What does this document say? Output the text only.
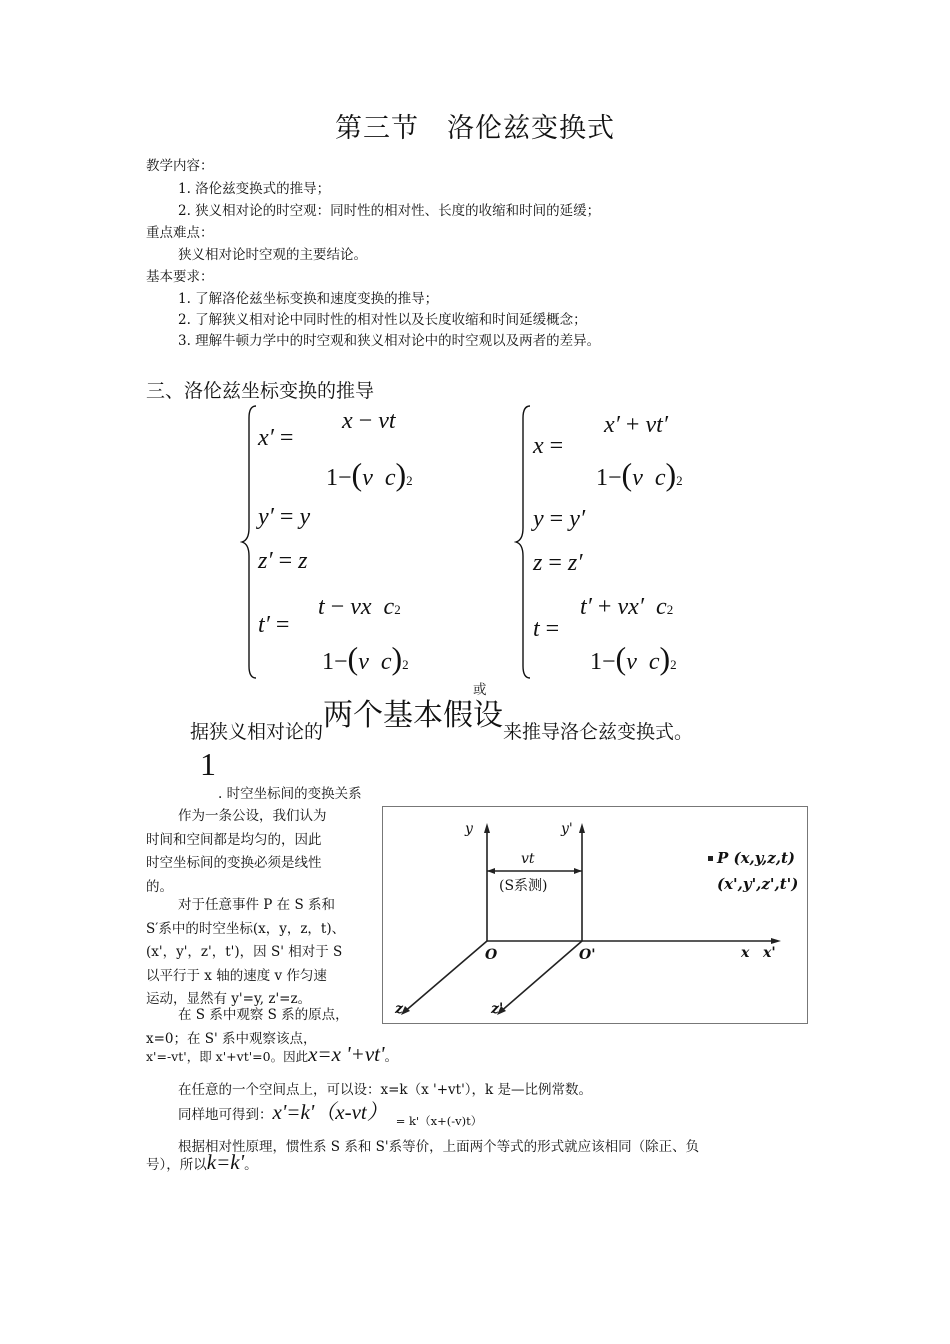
第三节　洛伦兹变换式
教学内容：
1. 洛伦兹变换式的推导；
2. 狭义相对论的时空观：同时性的相对性、长度的收缩和时间的延缓；
重点难点：
狭义相对论时空观的主要结论。
基本要求：
1. 了解洛伦兹坐标变换和速度变换的推导；
2. 了解狭义相对论中同时性的相对性以及长度收缩和时间延缓概念；
3. 理解牛顿力学中的时空观和狭义相对论中的时空观以及两者的差异。
三、洛伦兹坐标变换的推导
x′ =
x − vt
1−(v  c)2
y′ = y
z′ = z
t′ =
t − vx  c2
1−(v  c)2
x =
x′ + vt′
1−(v  c)2
y = y′
z = z′
t =
t′ + vx′  c2
1−(v  c)2
或
据狭义相对论的两个基本假设来推导洛仑兹变换式。
1
. 时空坐标间的变换关系
作为一条公设，我们认为
时间和空间都是均匀的，因此
时空坐标间的变换必须是线性
的。
对于任意事件 P 在 S 系和
S′系中的时空坐标(x，y，z，t)、
(x'，y'，z'，t')，因 S' 相对于 S
以平行于 x 轴的速度 v 作匀速
运动，显然有 y'=y, z'=z。
在 S 系中观察 S 系的原点，
x=0；在 S' 系中观察该点，
x'=-vt'，即 x'+vt'=0。因此x=x '+vt'。
y	y'
vt
(S系测)
O	O'	x x'
z	z'
P (x,y,z,t)
(x',y',z',t')
在任意的一个空间点上，可以设：x=k（x '+vt'），k 是—比例常数。
同样地可得到：x'=k'（x-vt） $_{= k'(x+(-v)t)}$
根据相对性原理，惯性系 S 系和 S'系等价，上面两个等式的形式就应该相同（除正、负
号），所以k=k'。
